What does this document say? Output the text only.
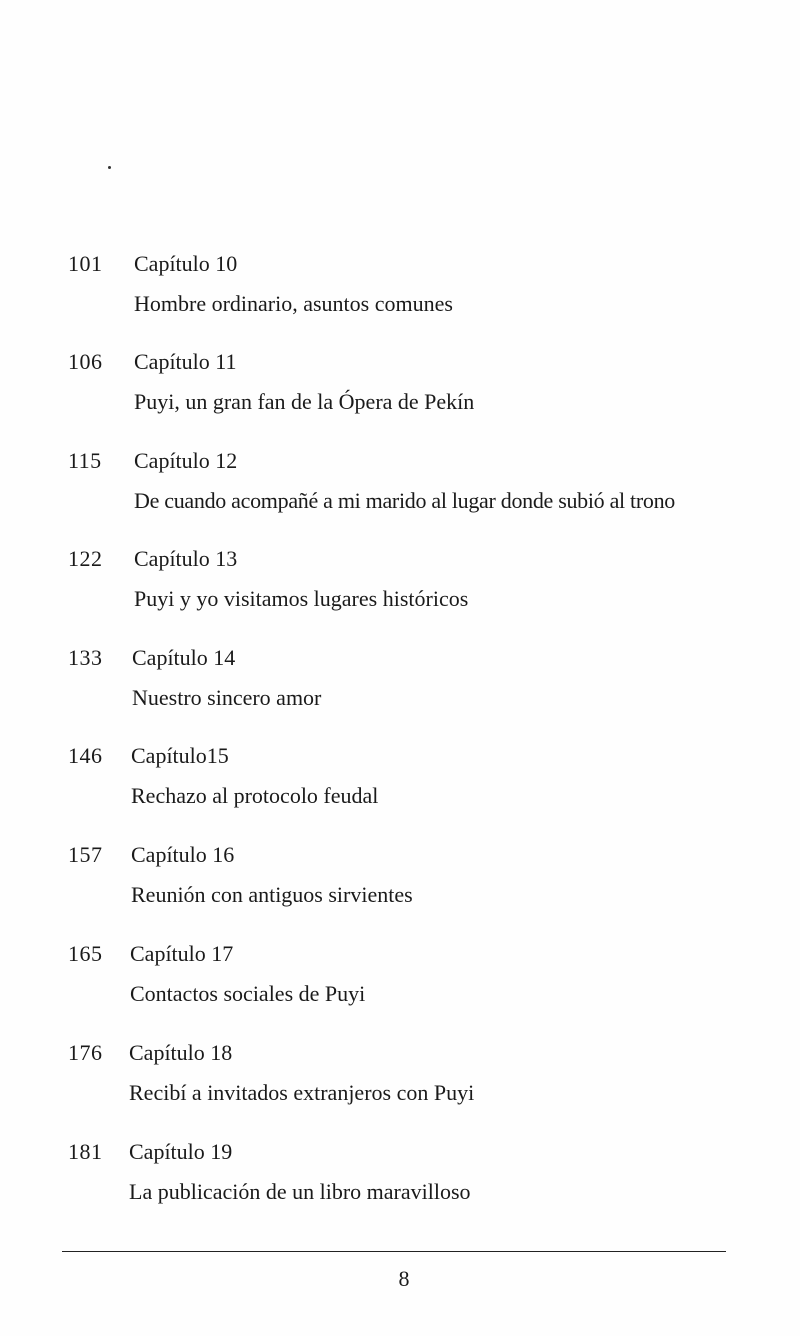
101 Capítulo 10
Hombre ordinario, asuntos comunes
106 Capítulo 11
Puyi, un gran fan de la Ópera de Pekín
115 Capítulo 12
De cuando acompañé a mi marido al lugar donde subió al trono
122 Capítulo 13
Puyi y yo visitamos lugares históricos
133 Capítulo 14
Nuestro sincero amor
146 Capítulo15
Rechazo al protocolo feudal
157 Capítulo 16
Reunión con antiguos sirvientes
165 Capítulo 17
Contactos sociales de Puyi
176 Capítulo 18
Recibí a invitados extranjeros con Puyi
181 Capítulo 19
La publicación de un libro maravilloso
8
